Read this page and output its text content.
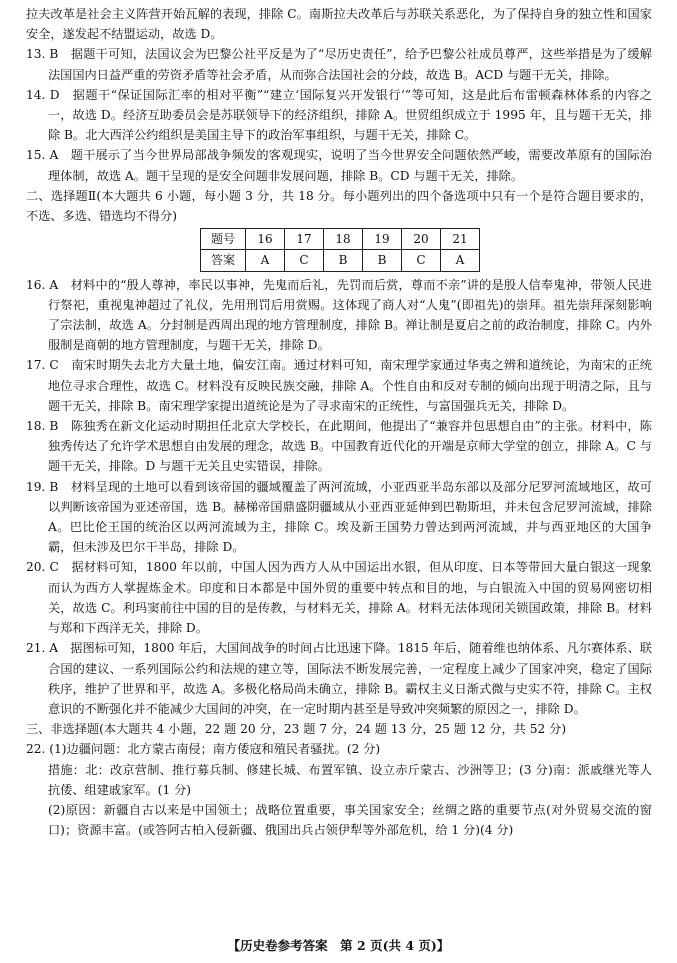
拉夫改革是社会主义阵营开始瓦解的表现，排除 C。南斯拉夫改革后与苏联关系恶化，为了保持自身的独立性和国家安全，遂发起不结盟运动，故选 D。

13. B　据题干可知，法国议会为巴黎公社平反是为了“尽历史责任”，给予巴黎公社成员尊严，这些举措是为了缓解法国国内日益严重的劳资矛盾等社会矛盾，从而弥合法国社会的分歧，故选 B。ACD 与题干无关，排除。

14. D　据题干“保证国际汇率的相对平衡”“建立‘国际复兴开发银行’”等可知，这是此后布雷顿森林体系的内容之一，故选 D。经济互助委员会是苏联领导下的经济组织，排除 A。世贸组织成立于 1995 年，且与题干无关，排除 B。北大西洋公约组织是美国主导下的政治军事组织，与题干无关，排除 C。

15. A　题干展示了当今世界局部战争频发的客观现实，说明了当今世界安全问题依然严峻，需要改革原有的国际治理体制，故选 A。题干呈现的是安全问题非发展问题，排除 B。CD 与题干无关，排除。

二、选择题Ⅱ(本大题共 6 小题，每小题 3 分，共 18 分。每小题列出的四个备选项中只有一个是符合题目要求的，不选、多选、错选均不得分)

题号	16	17	18	19	20	21
答案	A	C	B	B	C	A

16. A　材料中的“殷人尊神，率民以事神，先鬼而后礼，先罚而后赏，尊而不亲”讲的是殷人信奉鬼神，带领人民进行祭祀，重视鬼神超过了礼仪，先用刑罚后用赏赐。这体现了商人对“人鬼”(即祖先)的崇拜。祖先崇拜深刻影响了宗法制，故选 A。分封制是西周出现的地方管理制度，排除 B。禅让制是夏启之前的政治制度，排除 C。内外服制是商朝的地方管理制度，与题干无关，排除 D。

17. C　南宋时期失去北方大量土地，偏安江南。通过材料可知，南宋理学家通过华夷之辨和道统论，为南宋的正统地位寻求合理性，故选 C。材料没有反映民族交融，排除 A。个性自由和反对专制的倾向出现于明清之际，且与题干无关，排除 B。南宋理学家提出道统论是为了寻求南宋的正统性，与富国强兵无关，排除 D。

18. B　陈独秀在新文化运动时期担任北京大学校长，在此期间，他提出了“兼容并包思想自由”的主张。材料中，陈独秀传达了允许学术思想自由发展的理念，故选 B。中国教育近代化的开端是京师大学堂的创立，排除 A。C 与题干无关，排除。D 与题干无关且史实错误，排除。

19. B　材料呈现的土地可以看到该帝国的疆域覆盖了两河流域，小亚西亚半岛东部以及部分尼罗河流域地区，故可以判断该帝国为亚述帝国，选 B。赫梯帝国鼎盛阴疆域从小亚西亚延伸到巴勒斯坦，并未包含尼罗河流域，排除 A。巴比伦王国的统治区以两河流域为主，排除 C。埃及新王国势力曾达到两河流域，并与西亚地区的大国争霸，但未涉及巴尔干半岛，排除 D。

20. C　据材料可知，1800 年以前，中国人因为西方人从中国运出水银，但从印度、日本等带回大量白银这一现象而认为西方人掌握炼金术。印度和日本都是中国外贸的重要中转点和目的地，与白银流入中国的贸易网密切相关，故选 C。利玛窦前往中国的目的是传教，与材料无关，排除 A。材料无法体现闭关锁国政策，排除 B。材料与郑和下西洋无关，排除 D。

21. A　据图标可知，1800 年后，大国间战争的时间占比迅速下降。1815 年后，随着维也纳体系、凡尔赛体系、联合国的建议、一系列国际公约和法规的建立等，国际法不断发展完善，一定程度上减少了国家冲突，稳定了国际秩序，维护了世界和平，故选 A。多极化格局尚未确立，排除 B。霸权主义日渐式微与史实不符，排除 C。主权意识的不断强化并不能减少大国间的冲突，在一定时期内甚至是导致冲突频繁的原因之一，排除 D。

三、非选择题(本大题共 4 小题，22 题 20 分，23 题 7 分，24 题 13 分，25 题 12 分，共 52 分)

22. (1)边疆问题：北方蒙古南侵；南方倭寇和殖民者骚扰。(2 分)

措施：北：改京营制、推行募兵制、修建长城、布置军镇、设立赤斤蒙古、沙洲等卫；(3 分)南：派戚继光等人抗倭、组建戚家军。(1 分)

(2)原因：新疆自古以来是中国领土；战略位置重要，事关国家安全；丝绸之路的重要节点(对外贸易交流的窗口)；资源丰富。(或答阿古柏入侵新疆、俄国出兵占领伊犁等外部危机，给 1 分)(4 分)

【历史卷参考答案　第 2 页(共 4 页)】
